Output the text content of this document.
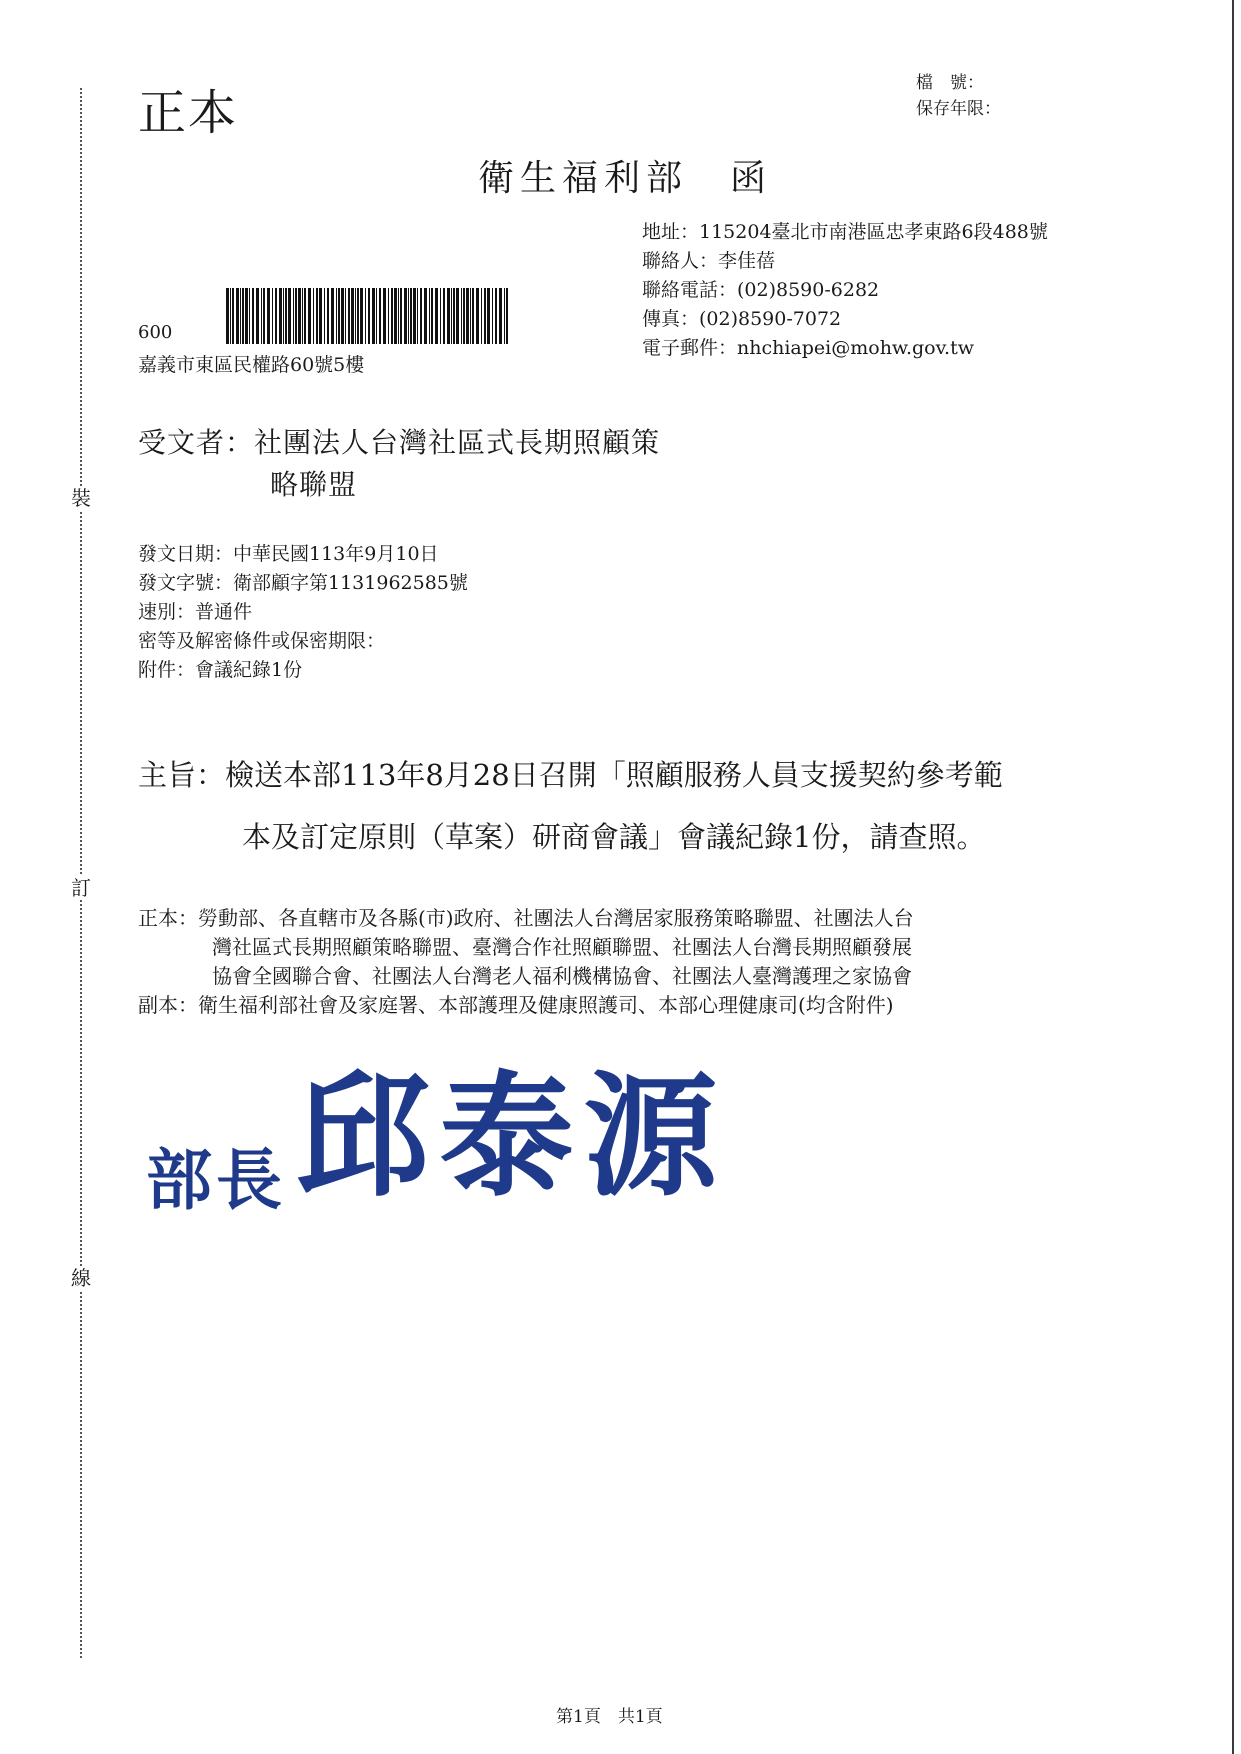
裝
訂
線
正本
檔　號：
保存年限：
衛生福利部　函
地址：115204臺北市南港區忠孝東路6段488號
聯絡人：李佳蓓
聯絡電話：(02)8590-6282
傳真：(02)8590-7072
電子郵件：nhchiapei@mohw.gov.tw
600
嘉義市東區民權路60號5樓
受文者：社團法人台灣社區式長期照顧策
略聯盟
發文日期：中華民國113年9月10日
發文字號：衛部顧字第1131962585號
速別：普通件
密等及解密條件或保密期限：
附件：會議紀錄1份
主旨：檢送本部113年8月28日召開「照顧服務人員支援契約參考範
本及訂定原則（草案）研商會議」會議紀錄1份，請查照。
正本：勞動部、各直轄市及各縣(市)政府、社團法人台灣居家服務策略聯盟、社團法人台
灣社區式長期照顧策略聯盟、臺灣合作社照顧聯盟、社團法人台灣長期照顧發展
協會全國聯合會、社團法人台灣老人福利機構協會、社團法人臺灣護理之家協會
副本：衛生福利部社會及家庭署、本部護理及健康照護司、本部心理健康司(均含附件)
部長 邱泰源
第1頁　共1頁
